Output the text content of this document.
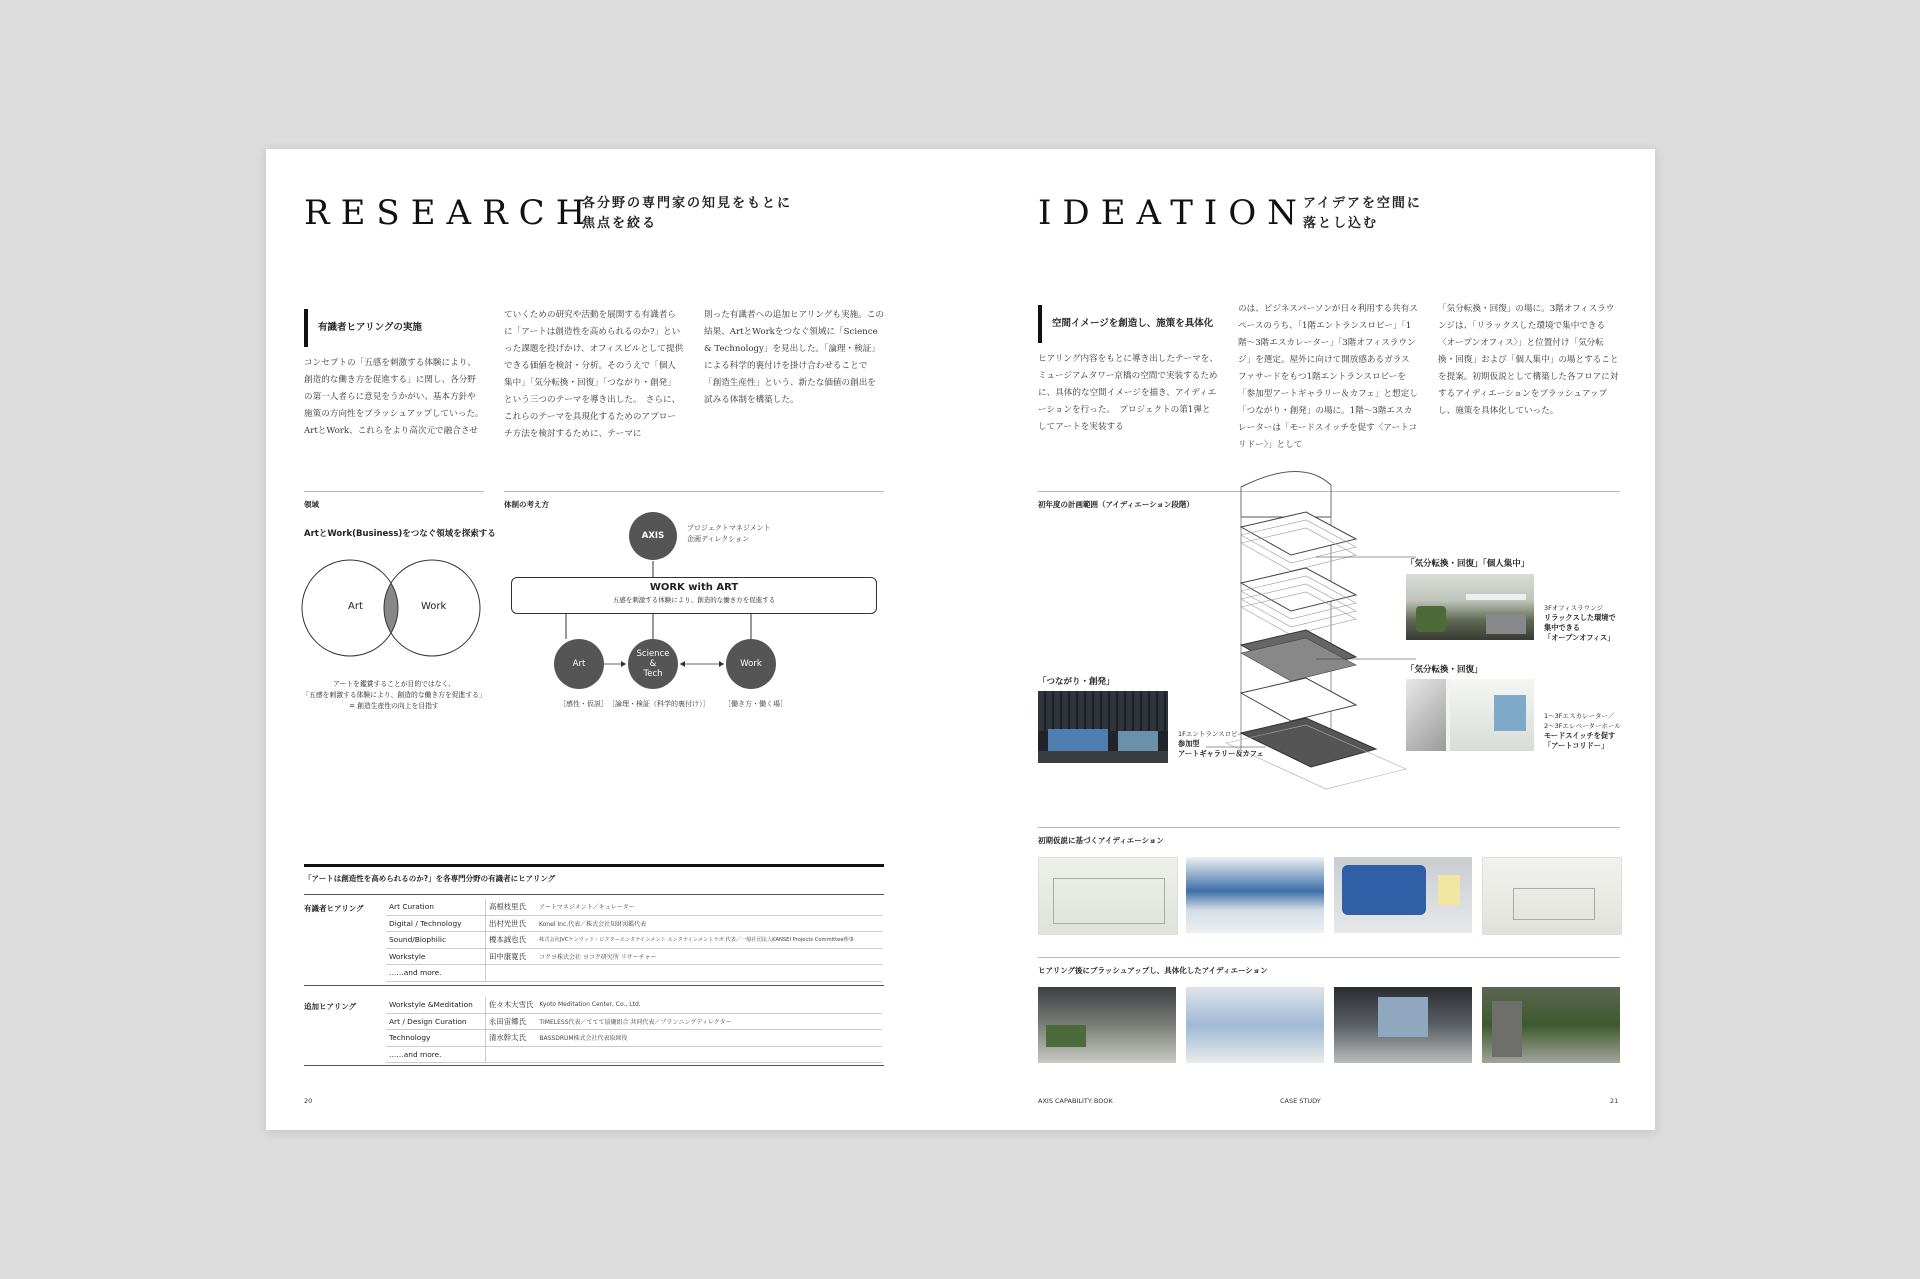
RESEARCH
各分野の専門家の知見をもとに
焦点を絞る
有識者ヒアリングの実施
コンセプトの「五感を刺激する体験により、創造的な働き方を促進する」に関し、各分野の第一人者らに意見をうかがい、基本方針や施策の方向性をブラッシュアップしていった。　ArtとWork、これらをより高次元で融合させ
ていくための研究や活動を展開する有識者らに「アートは創造性を高められるのか?」といった課題を投げかけ、オフィスビルとして提供できる価値を検討・分析。そのうえで「個人集中」「気分転換・回復」「つながり・創発」という三つのテーマを導き出した。　さらに、これらのテーマを具現化するためのアプローチ方法を検討するために、テーマに
則った有識者への追加ヒアリングも実施。この結果、ArtとWorkをつなぐ領域に「Science & Technology」を見出した。「論理・検証」による科学的裏付けを掛け合わせることで「創造生産性」という、新たな価値の創出を試みる体制を構築した。
領域
ArtとWork(Business)をつなぐ領域を探索する
Art	Work
アートを鑑賞することが目的ではなく、
「五感を刺激する体験により、創造的な働き方を促進する」
= 創造生産性の向上を目指す
体制の考え方
AXIS
プロジェクトマネジメント
企画ディレクション
WORK with ART
五感を刺激する体験により、創造的な働き方を促進する
Art
Science
&
Tech
Work
［感性・仮説］ ［論理・検証（科学的裏付け）］ ［働き方・働く場］
「アートは創造性を高められるのか?」を各専門分野の有識者にヒアリング
有識者ヒアリング	Art Curation	高根枝里氏	アートマネジメント／キュレーター
Digital / Technology	出村光世氏	Konel Inc.代表／株式会社知財図鑑代表
Sound/Biophilic	榎本誠也氏	株式会社JVCケンウッド・ビクターエンタテインメント エンタテインメントラボ 代表／一般社団法人KANSEI Projects Committee理事
Workstyle	田中康寛氏	コクヨ株式会社 ヨコク研究所 リサーチャー
……and more.		
追加ヒアリング	Workstyle &Meditation	佐々木大雪氏	Kyoto Meditation Center, Co., Ltd.
Art / Design Curation	永田宙郷氏	TIMELESS代表／ててて協働組合 共同代表／プランニングディレクター
Technology	清水幹太氏	BASSDRUM株式会社代表取締役
……and more.		
20
IDEATION
アイデアを空間に
落とし込む
空間イメージを創造し、施策を具体化
ヒアリング内容をもとに導き出したテーマを、ミュージアムタワー京橋の空間で実装するために、具体的な空間イメージを描き、アイディエーションを行った。　プロジェクトの第1弾としてアートを実装する
のは、ビジネスパーソンが日々利用する共有スペースのうち、「1階エントランスロビー」「1階〜3階エスカレーター」「3階オフィスラウンジ」を選定。屋外に向けて開放感あるガラスファサードをもつ1階エントランスロビーを「参加型アートギャラリー＆カフェ」と想定し「つながり・創発」の場に。1階〜3階エスカレーターは「モードスイッチを促す〈アートコリドー〉」として
「気分転換・回復」の場に。3階オフィスラウンジは、「リラックスした環境で集中できる〈オープンオフィス〉」と位置付け「気分転換・回復」および「個人集中」の場とすることを提案。初期仮説として構築した各フロアに対するアイディエーションをブラッシュアップし、施策を具体化していった。
初年度の計画範囲（アイディエーション段階）
「気分転換・回復」「個人集中」
3Fオフィスラウンジ
リラックスした環境で
集中できる
「オープンオフィス」
「気分転換・回復」
1〜3Fエスカレーター／
2〜3Fエレベーターホール
モードスイッチを促す
「アートコリドー」
「つながり・創発」
1Fエントランスロビー
参加型
アートギャラリー＆カフェ
初期仮説に基づくアイディエーション
ヒアリング後にブラッシュアップし、具体化したアイディエーション
AXIS CAPABILITY BOOK	CASE STUDY	21
